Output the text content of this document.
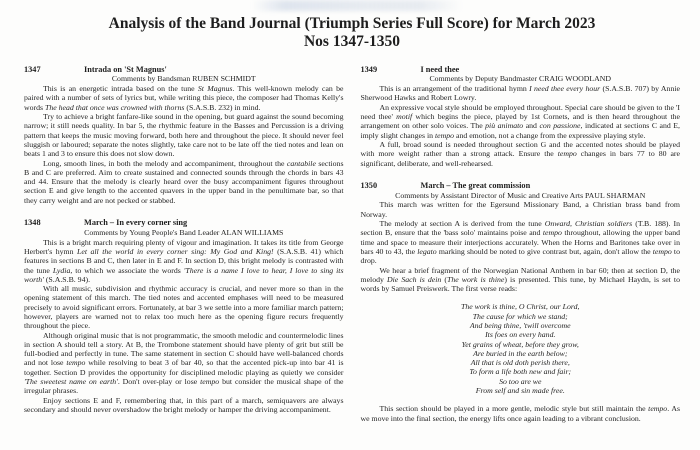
Analysis of the Band Journal (Triumph Series Full Score) for March 2023
Nos 1347-1350
1347	Intrada on 'St Magnus'
Comments by Bandsman RUBEN SCHMIDT

This is an energetic intrada based on the tune St Magnus. This well-known melody can be paired with a number of sets of lyrics but, while writing this piece, the composer had Thomas Kelly's words The head that once was crowned with thorns (S.A.S.B. 232) in mind.

Try to achieve a bright fanfare-like sound in the opening, but guard against the sound becoming narrow; it still needs quality. In bar 5, the rhythmic feature in the Basses and Percussion is a driving pattern that keeps the music moving forward, both here and throughout the piece. It should never feel sluggish or laboured; separate the notes slightly, take care not to be late off the tied notes and lean on beats 1 and 3 to ensure this does not slow down.

Long, smooth lines, in both the melody and accompaniment, throughout the cantabile sections B and C are preferred. Aim to create sustained and connected sounds through the chords in bars 43 and 44. Ensure that the melody is clearly heard over the busy accompaniment figures throughout section E and give length to the accented quavers in the upper band in the penultimate bar, so that they carry weight and are not pecked or stabbed.

1348	March – In every corner sing
Comments by Young People's Band Leader ALAN WILLIAMS

This is a bright march requiring plenty of vigour and imagination. It takes its title from George Herbert's hymn Let all the world in every corner sing: My God and King! (S.A.S.B. 41) which features in sections B and C, then later in E and F. In section D, this bright melody is contrasted with the tune Lydia, to which we associate the words 'There is a name I love to hear, I love to sing its worth' (S.A.S.B. 94).

With all music, subdivision and rhythmic accuracy is crucial, and never more so than in the opening statement of this march. The tied notes and accented emphases will need to be measured precisely to avoid significant errors. Fortunately, at bar 3 we settle into a more familiar march pattern; however, players are warned not to relax too much here as the opening figure recurs frequently throughout the piece.

Although original music that is not programmatic, the smooth melodic and countermelodic lines in section A should tell a story. At B, the Trombone statement should have plenty of grit but still be full-bodied and perfectly in tune. The same statement in section C should have well-balanced chords and not lose tempo while resolving to beat 3 of bar 40, so that the accented pick-up into bar 41 is together. Section D provides the opportunity for disciplined melodic playing as quietly we consider 'The sweetest name on earth'. Don't over-play or lose tempo but consider the musical shape of the irregular phrases.

Enjoy sections E and F, remembering that, in this part of a march, semiquavers are always secondary and should never overshadow the bright melody or hamper the driving accompaniment.

1349	I need thee
Comments by Deputy Bandmaster CRAIG WOODLAND

This is an arrangement of the traditional hymn I need thee every hour (S.A.S.B. 707) by Annie Sherwood Hawks and Robert Lowry.

An expressive vocal style should be employed throughout. Special care should be given to the 'I need thee' motif which begins the piece, played by 1st Cornets, and is then heard throughout the arrangement on other solo voices. The più animato and con passione, indicated at sections C and E, imply slight changes in tempo and emotion, not a change from the expressive playing style.

A full, broad sound is needed throughout section G and the accented notes should be played with more weight rather than a strong attack. Ensure the tempo changes in bars 77 to 80 are significant, deliberate, and well-rehearsed.

1350	March – The great commission
Comments by Assistant Director of Music and Creative Arts PAUL SHARMAN

This march was written for the Egersund Missionary Band, a Christian brass band from Norway.

The melody at section A is derived from the tune Onward, Christian soldiers (T.B. 188). In section B, ensure that the 'bass solo' maintains poise and tempo throughout, allowing the upper band time and space to measure their interjections accurately. When the Horns and Baritones take over in bars 40 to 43, the legato marking should be noted to give contrast but, again, don't allow the tempo to drop.

We hear a brief fragment of the Norwegian National Anthem in bar 60; then at section D, the melody Die Sach is dein (The work is thine) is presented. This tune, by Michael Haydn, is set to words by Samuel Preiswerk. The first verse reads:

The work is thine, O Christ, our Lord,
The cause for which we stand;
And being thine, 'twill overcome
Its foes on every hand.
Yet grains of wheat, before they grow,
Are buried in the earth below;
All that is old doth perish there,
To form a life both new and fair;
So too are we
From self and sin made free.

This section should be played in a more gentle, melodic style but still maintain the tempo. As we move into the final section, the energy lifts once again leading to a vibrant conclusion.
